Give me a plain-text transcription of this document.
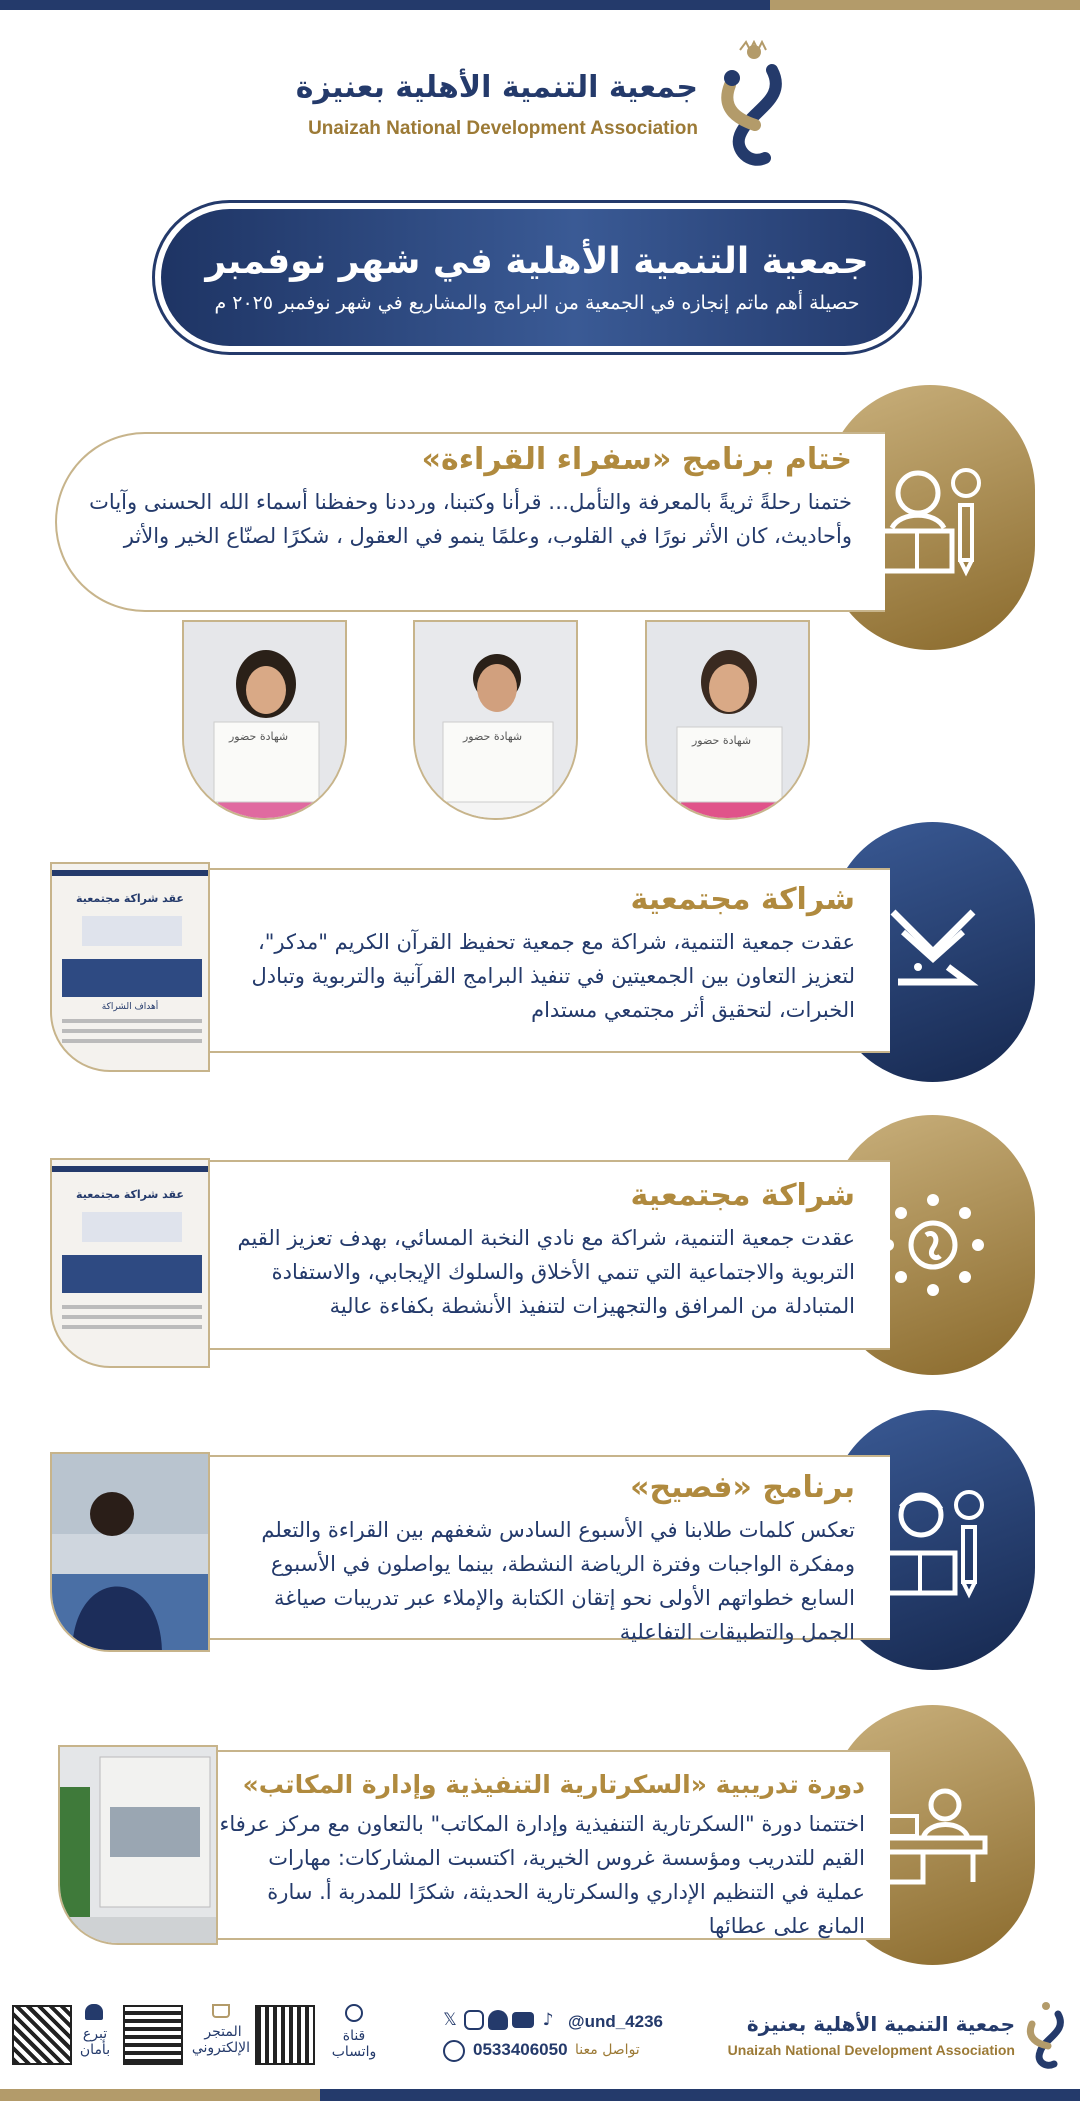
جمعية التنمية الأهلية بعنيزة
Unaizah National Development Association
جمعية التنمية الأهلية في شهر نوفمبر
حصيلة أهم ماتم إنجازه في الجمعية من البرامج والمشاريع في شهر نوفمبر ٢٠٢٥ م
ختام برنامج «سفراء القراءة»
ختمنا رحلةً ثريةً بالمعرفة والتأمل… قرأنا وكتبنا، ورددنا وحفظنا أسماء الله الحسنى وآيات وأحاديث، كان الأثر نورًا في القلوب، وعلمًا ينمو في العقول ، شكرًا لصنّاع الخير والأثر
شهادة حضور
شهادة حضور
شهادة حضور
عقد شراكة مجتمعية
أهداف الشراكة
شراكة مجتمعية
عقدت جمعية التنمية، شراكة مع جمعية تحفيظ القرآن الكريم "مدكر"، لتعزيز التعاون بين الجمعيتين في تنفيذ البرامج القرآنية والتربوية وتبادل الخبرات، لتحقيق أثر مجتمعي مستدام
عقد شراكة مجتمعية	شراكة مجتمعية
عقدت جمعية التنمية، شراكة مع نادي النخبة المسائي، بهدف تعزيز القيم التربوية والاجتماعية التي تنمي الأخلاق والسلوك الإيجابي، والاستفادة المتبادلة من المرافق والتجهيزات لتنفيذ الأنشطة بكفاءة عالية
برنامج «فصيح»
تعكس كلمات طلابنا في الأسبوع السادس شغفهم بين القراءة والتعلم ومفكرة الواجبات وفترة الرياضة النشطة، بينما يواصلون في الأسبوع السابع خطواتهم الأولى نحو إتقان الكتابة والإملاء عبر تدريبات صياغة الجمل والتطبيقات التفاعلية
دورة تدريبية «السكرتارية التنفيذية وإدارة المكاتب»
اختتمنا دورة "السكرتارية التنفيذية وإدارة المكاتب" بالتعاون مع مركز عرفاء القيم للتدريب ومؤسسة غروس الخيرية، اكتسبت المشاركات: مهارات عملية في التنظيم الإداري والسكرتارية الحديثة، شكرًا للمدربة أ. سارة المانع على عطائها
جمعية التنمية الأهلية بعنيزة
Unaizah National Development Association
@und_4236
تواصل معنا
0533406050
𝕏	♪
قناة واتساب
المتجر الإلكتروني
تبرع بأمان
